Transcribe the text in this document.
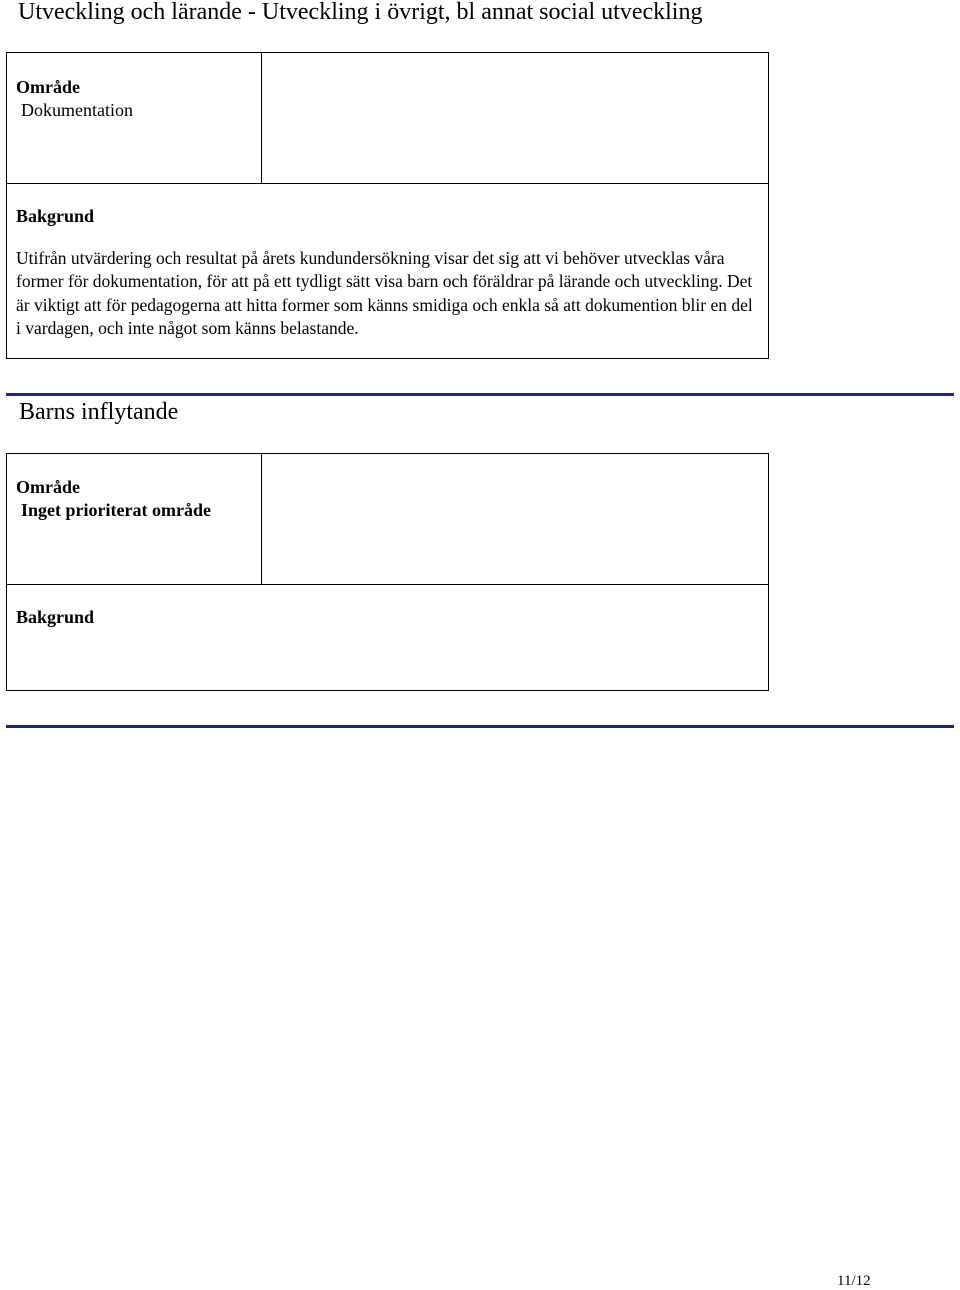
Utveckling och lärande - Utveckling i övrigt, bl annat social utveckling
Område
Dokumentation
Bakgrund
Utifrån utvärdering och resultat på årets kundundersökning visar det sig att vi behöver utvecklas våra former för dokumentation, för att på ett tydligt sätt visa barn och föräldrar på lärande och utveckling. Det är viktigt att för pedagogerna att hitta former som känns smidiga och enkla så att dokumention blir en del i vardagen, och inte något som känns belastande.
Barns inflytande
Område
Inget prioriterat område
Bakgrund
11/12
